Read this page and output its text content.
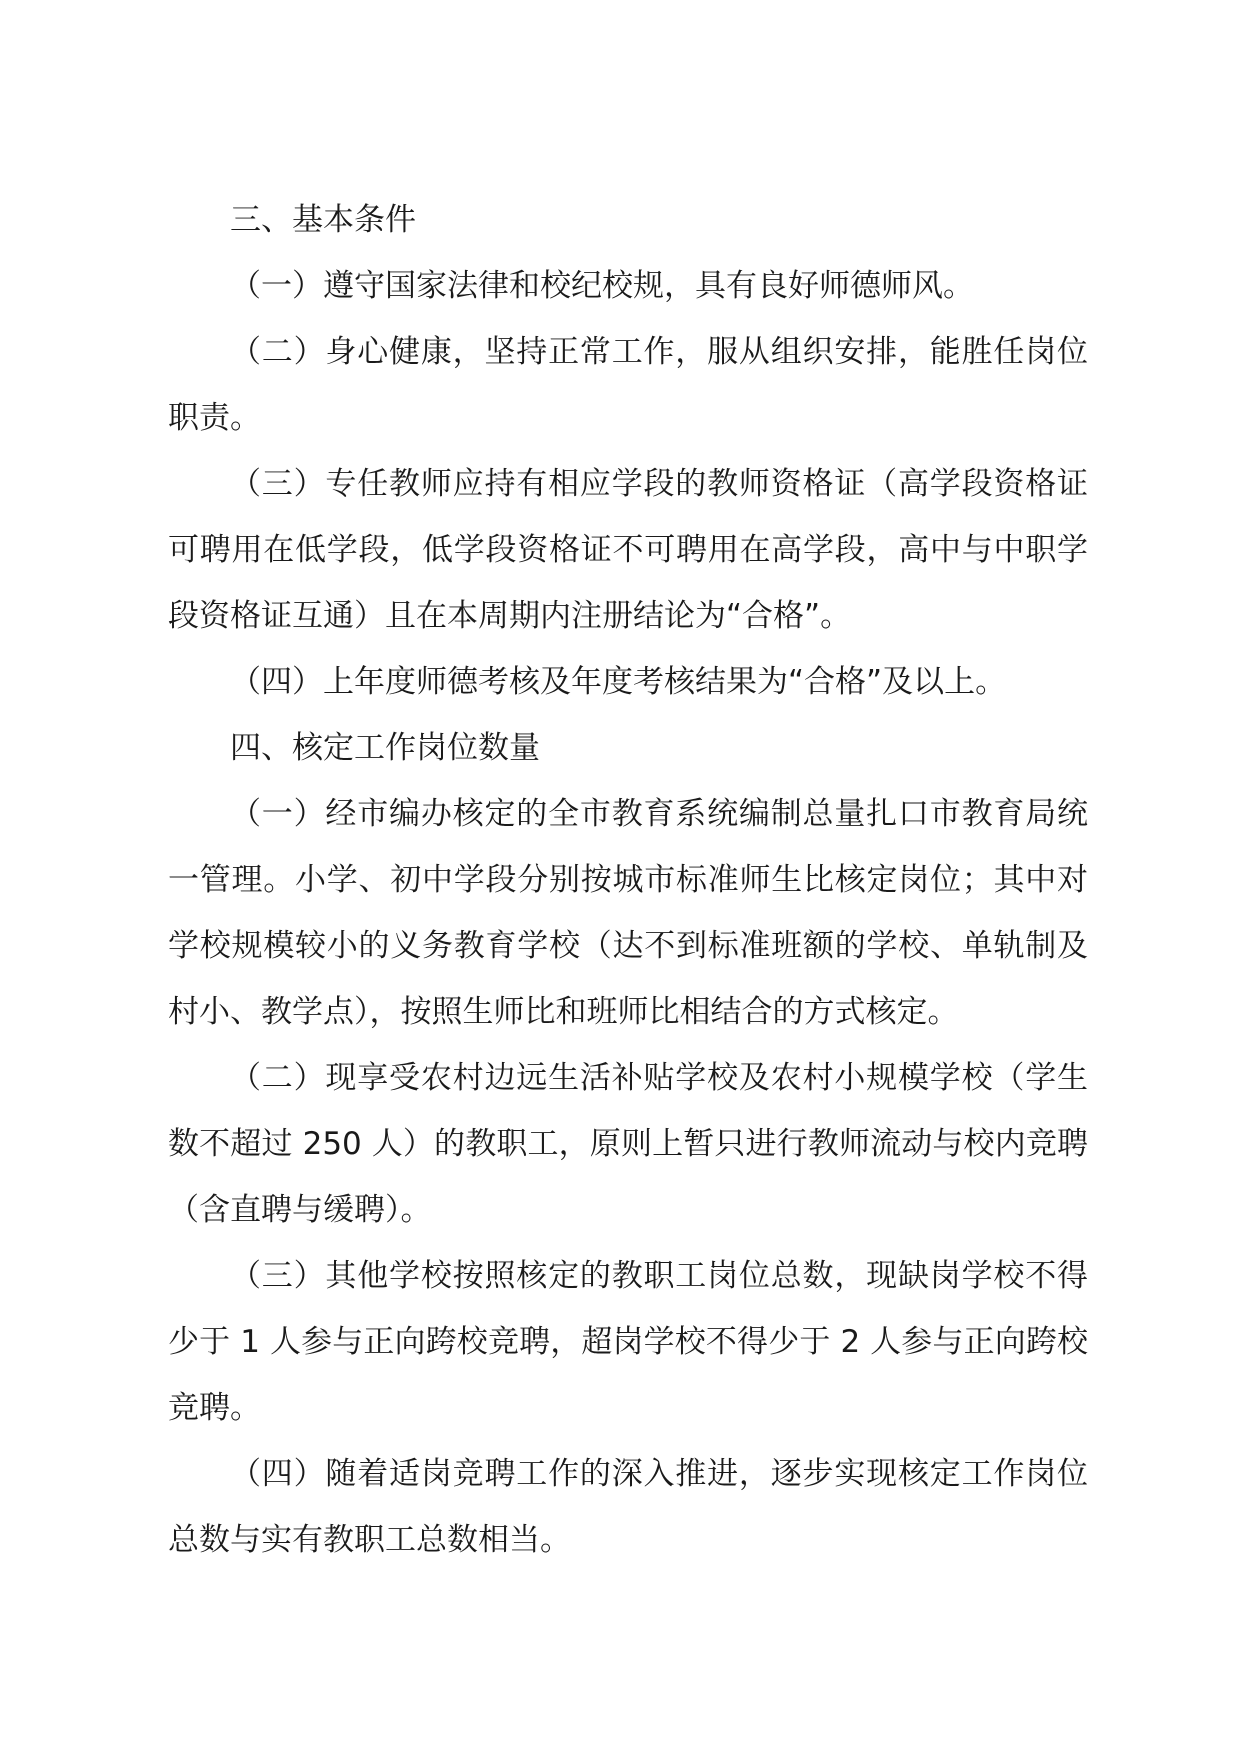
三、基本条件
（一）遵守国家法律和校纪校规，具有良好师德师风。
（二）身心健康，坚持正常工作，服从组织安排，能胜任岗位
职责。
（三）专任教师应持有相应学段的教师资格证（高学段资格证
可聘用在低学段，低学段资格证不可聘用在高学段，高中与中职学
段资格证互通）且在本周期内注册结论为“合格”。
（四）上年度师德考核及年度考核结果为“合格”及以上。
四、核定工作岗位数量
（一）经市编办核定的全市教育系统编制总量扎口市教育局统
一管理。小学、初中学段分别按城市标准师生比核定岗位；其中对
学校规模较小的义务教育学校（达不到标准班额的学校、单轨制及
村小、教学点），按照生师比和班师比相结合的方式核定。
（二）现享受农村边远生活补贴学校及农村小规模学校（学生
数不超过 250 人）的教职工，原则上暂只进行教师流动与校内竞聘
（含直聘与缓聘）。
（三）其他学校按照核定的教职工岗位总数，现缺岗学校不得
少于 1 人参与正向跨校竞聘，超岗学校不得少于 2 人参与正向跨校
竞聘。
（四）随着适岗竞聘工作的深入推进，逐步实现核定工作岗位
总数与实有教职工总数相当。
